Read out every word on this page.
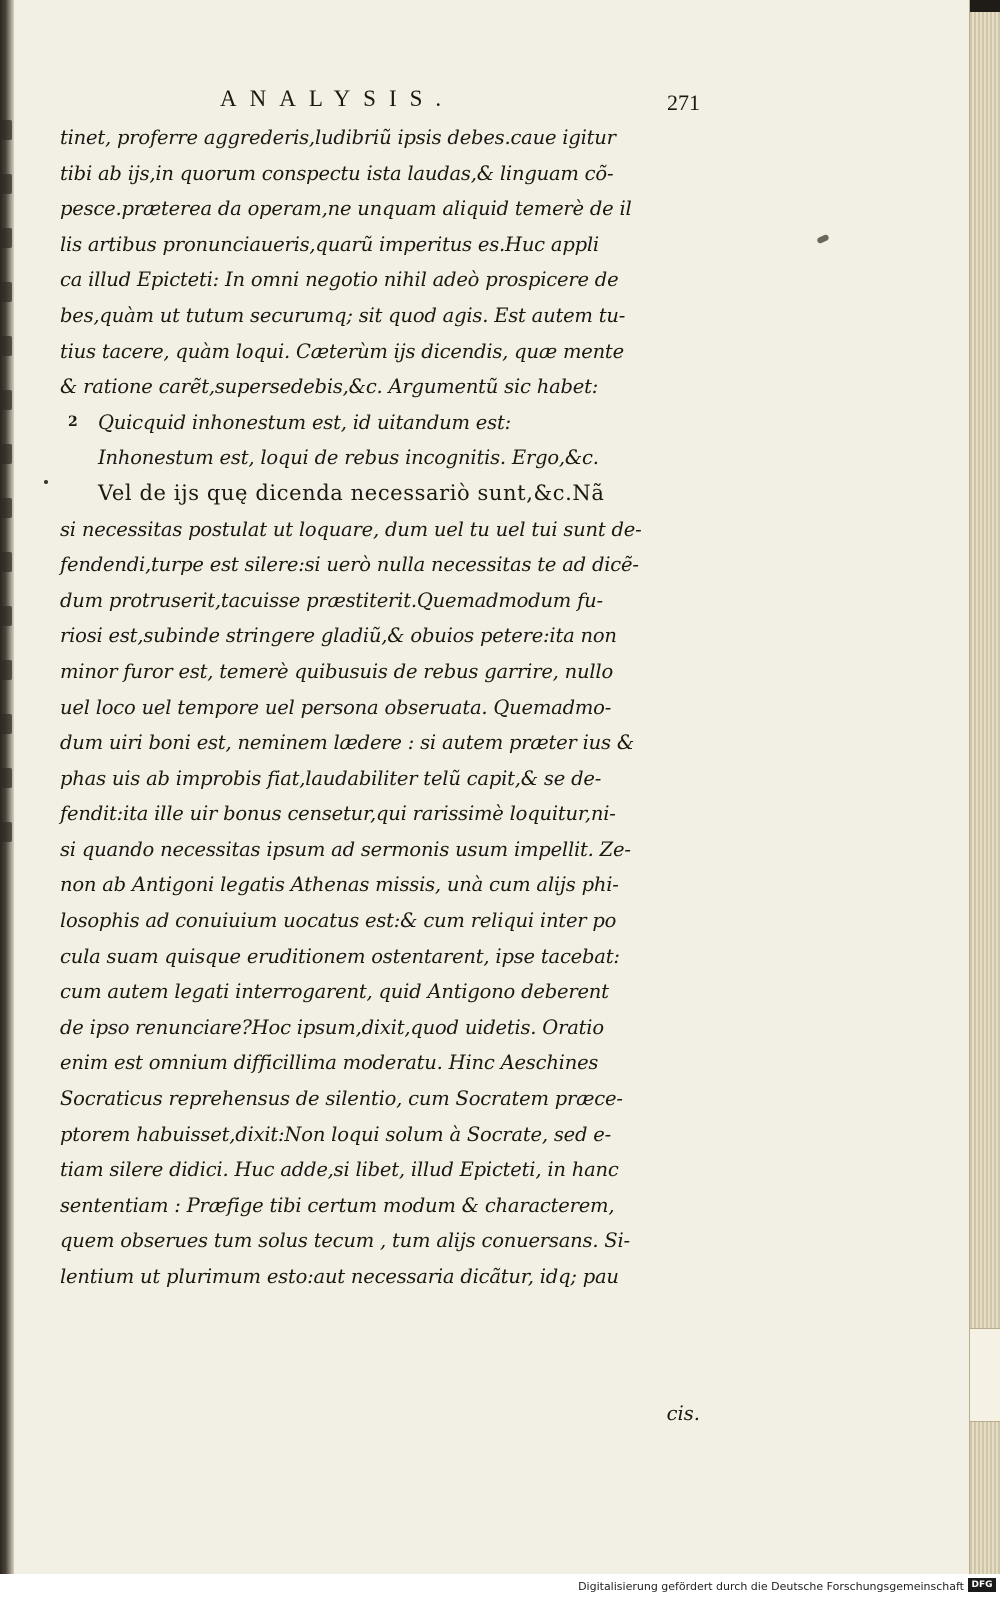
ANALYSIS.	271
tinet, proferre aggrederis,ludibriũ ipsis debes.caue igitur
tibi ab ijs,in quorum conspectu ista laudas,& linguam cõ-
pesce.præterea da operam,ne unquam aliquid temerè de il
lis artibus pronunciaueris,quarũ imperitus es.Huc appli
ca illud Epicteti: In omni negotio nihil adeò prospicere de
bes,quàm ut tutum securumq; sit quod agis. Est autem tu-
tius tacere, quàm loqui. Cæterùm ijs dicendis, quæ mente
& ratione carẽt,supersedebis,&c. Argumentũ sic habet:
2 Quicquid inhonestum est, id uitandum est:
Inhonestum est, loqui de rebus incognitis. Ergo,&c.
Vel de ijs quę dicenda necessariò sunt,&c.Nã
si necessitas postulat ut loquare, dum uel tu uel tui sunt de-
fendendi,turpe est silere:si uerò nulla necessitas te ad dicẽ-
dum protruserit,tacuisse præstiterit.Quemadmodum fu-
riosi est,subinde stringere gladiũ,& obuios petere:ita non
minor furor est, temerè quibusuis de rebus garrire, nullo
uel loco uel tempore uel persona obseruata. Quemadmo-
dum uiri boni est, neminem lædere : si autem præter ius &
phas uis ab improbis fiat,laudabiliter telũ capit,& se de-
fendit:ita ille uir bonus censetur,qui rarissimè loquitur,ni-
si quando necessitas ipsum ad sermonis usum impellit. Ze-
non ab Antigoni legatis Athenas missis, unà cum alijs phi-
losophis ad conuiuium uocatus est:& cum reliqui inter po
cula suam quisque eruditionem ostentarent, ipse tacebat:
cum autem legati interrogarent, quid Antigono deberent
de ipso renunciare?Hoc ipsum,dixit,quod uidetis. Oratio
enim est omnium difficillima moderatu. Hinc Aeschines
Socraticus reprehensus de silentio, cum Socratem præce-
ptorem habuisset,dixit:Non loqui solum à Socrate, sed e-
tiam silere didici. Huc adde,si libet, illud Epicteti, in hanc
sententiam : Præfige tibi certum modum & characterem,
quem obserues tum solus tecum , tum alijs conuersans. Si-
lentium ut plurimum esto:aut necessaria dicãtur, idq; pau
cis.
Digitalisierung gefördert durch die Deutsche Forschungsgemeinschaft DFG
